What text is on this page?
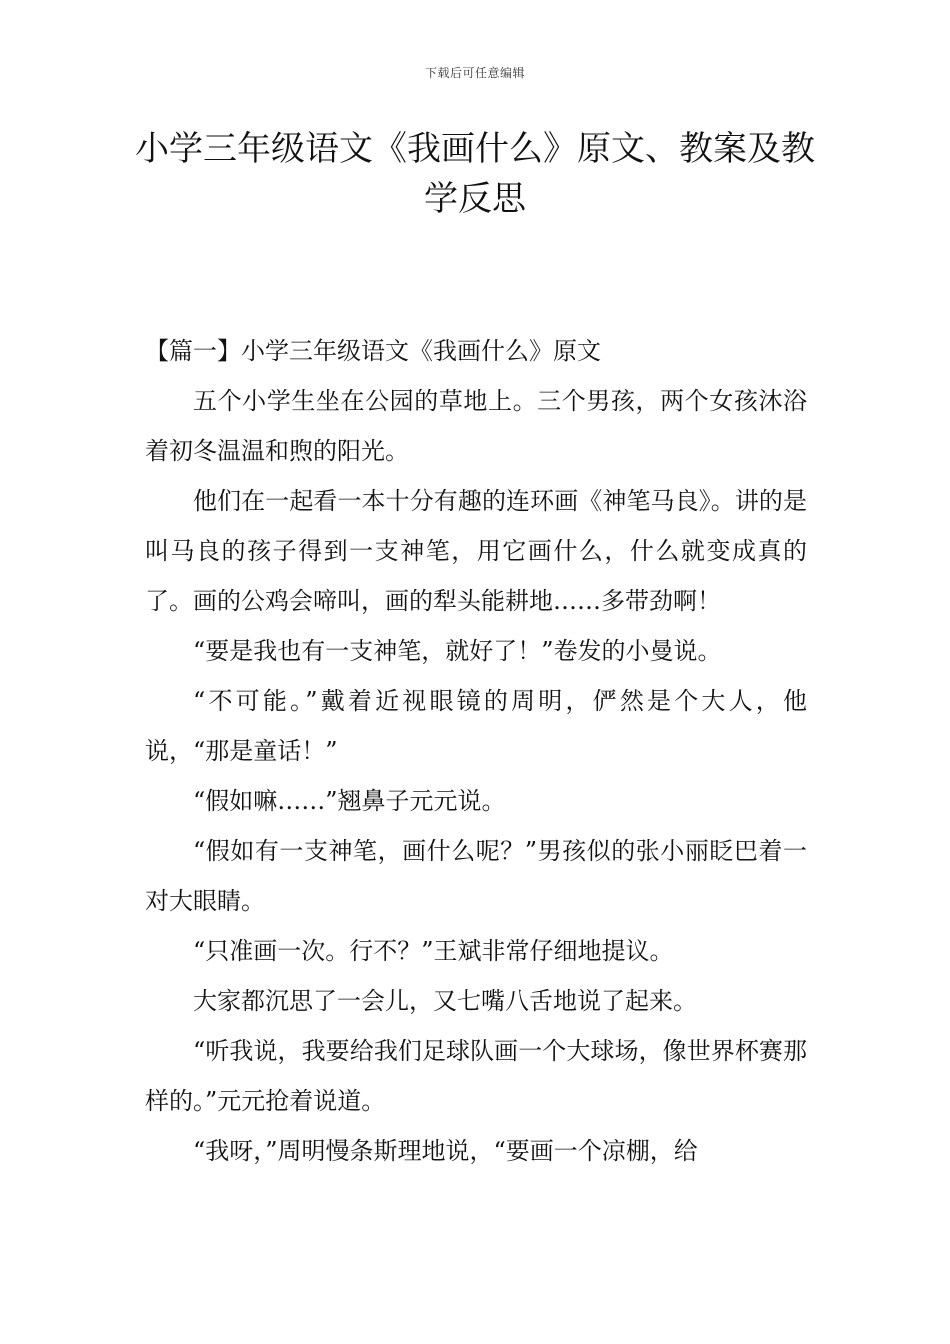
下载后可任意编辑
小学三年级语文《我画什么》原文、教案及教学反思

【篇一】小学三年级语文《我画什么》原文

五个小学生坐在公园的草地上。三个男孩，两个女孩沐浴着初冬温温和煦的阳光。

他们在一起看一本十分有趣的连环画《神笔马良》。讲的是叫马良的孩子得到一支神笔，用它画什么，什么就变成真的了。画的公鸡会啼叫，画的犁头能耕地……多带劲啊！

“要是我也有一支神笔，就好了！”卷发的小曼说。

“不可能。”戴着近视眼镜的周明，俨然是个大人，他说，“那是童话！”

“假如嘛……”翘鼻子元元说。

“假如有一支神笔，画什么呢？”男孩似的张小丽眨巴着一对大眼睛。

“只准画一次。行不？”王斌非常仔细地提议。

大家都沉思了一会儿，又七嘴八舌地说了起来。

“听我说，我要给我们足球队画一个大球场，像世界杯赛那样的。”元元抢着说道。

“我呀，”周明慢条斯理地说，“要画一个凉棚，给
